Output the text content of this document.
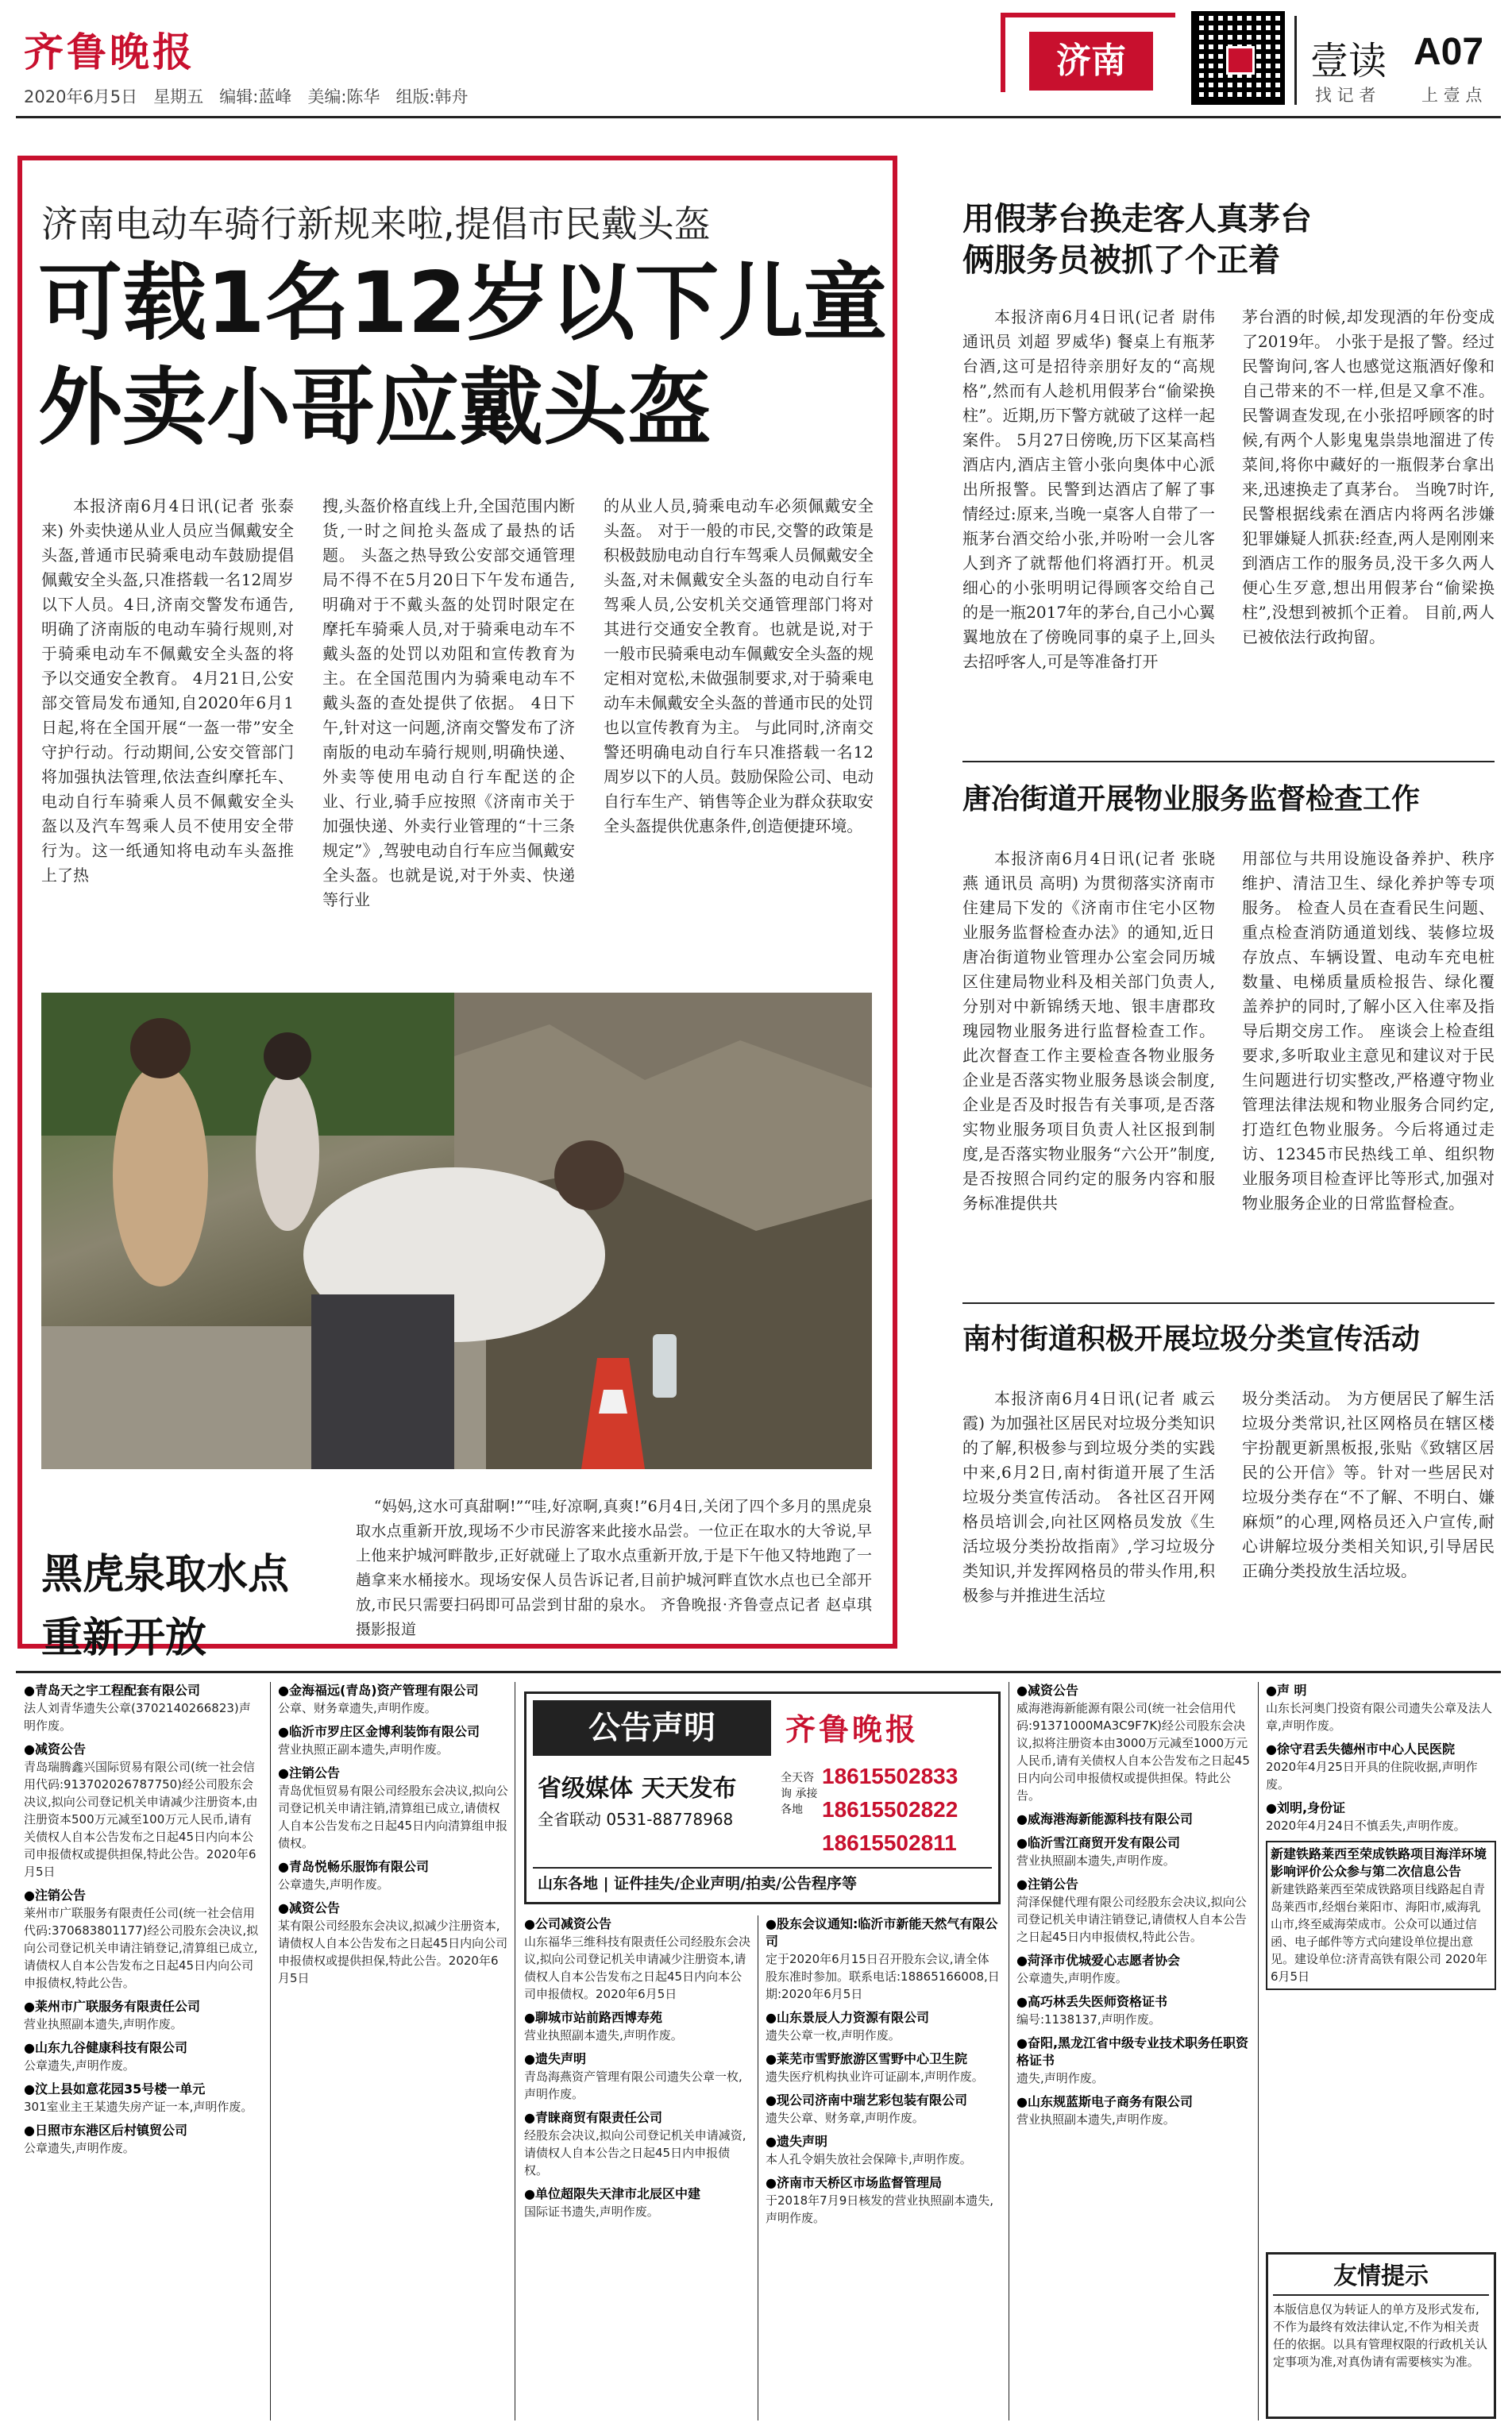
齐鲁晚报
2020年6月5日 星期五 编辑:蓝峰 美编:陈华 组版:韩舟
济南	壹读 A07
找 记 者	上 壹 点
济南电动车骑行新规来啦,提倡市民戴头盔
可载1名12岁以下儿童
外卖小哥应戴头盔

本报济南6月4日讯(记者 张泰来) 外卖快递从业人员应当佩戴安全头盔,普通市民骑乘电动车鼓励提倡佩戴安全头盔,只准搭载一名12周岁以下人员。4日,济南交警发布通告,明确了济南版的电动车骑行规则,对于骑乘电动车不佩戴安全头盔的将予以交通安全教育。 4月21日,公安部交管局发布通知,自2020年6月1日起,将在全国开展“一盔一带”安全守护行动。行动期间,公安交管部门将加强执法管理,依法查纠摩托车、电动自行车骑乘人员不佩戴安全头盔以及汽车驾乘人员不使用安全带行为。这一纸通知将电动车头盔推上了热

搜,头盔价格直线上升,全国范围内断货,一时之间抢头盔成了最热的话题。 头盔之热导致公安部交通管理局不得不在5月20日下午发布通告,明确对于不戴头盔的处罚时限定在摩托车骑乘人员,对于骑乘电动车不戴头盔的处罚以劝阻和宣传教育为主。在全国范围内为骑乘电动车不戴头盔的查处提供了依据。 4日下午,针对这一问题,济南交警发布了济南版的电动车骑行规则,明确快递、外卖等使用电动自行车配送的企业、行业,骑手应按照《济南市关于加强快递、外卖行业管理的“十三条规定”》,驾驶电动自行车应当佩戴安全头盔。也就是说,对于外卖、快递等行业

的从业人员,骑乘电动车必须佩戴安全头盔。 对于一般的市民,交警的政策是积极鼓励电动自行车驾乘人员佩戴安全头盔,对未佩戴安全头盔的电动自行车驾乘人员,公安机关交通管理部门将对其进行交通安全教育。也就是说,对于一般市民骑乘电动车佩戴安全头盔的规定相对宽松,未做强制要求,对于骑乘电动车未佩戴安全头盔的普通市民的处罚也以宣传教育为主。 与此同时,济南交警还明确电动自行车只准搭载一名12周岁以下的人员。鼓励保险公司、电动自行车生产、销售等企业为群众获取安全头盔提供优惠条件,创造便捷环境。

黑虎泉取水点
重新开放

“妈妈,这水可真甜啊!”“哇,好凉啊,真爽!”6月4日,关闭了四个多月的黑虎泉取水点重新开放,现场不少市民游客来此接水品尝。一位正在取水的大爷说,早上他来护城河畔散步,正好就碰上了取水点重新开放,于是下午他又特地跑了一趟拿来水桶接水。现场安保人员告诉记者,目前护城河畔直饮水点也已全部开放,市民只需要扫码即可品尝到甘甜的泉水。 齐鲁晚报·齐鲁壹点记者 赵卓琪 摄影报道

用假茅台换走客人真茅台
俩服务员被抓了个正着

本报济南6月4日讯(记者 尉伟 通讯员 刘超 罗威华) 餐桌上有瓶茅台酒,这可是招待亲朋好友的“高规格”,然而有人趁机用假茅台“偷梁换柱”。近期,历下警方就破了这样一起案件。 5月27日傍晚,历下区某高档酒店内,酒店主管小张向奥体中心派出所报警。民警到达酒店了解了事情经过:原来,当晚一桌客人自带了一瓶茅台酒交给小张,并吩咐一会儿客人到齐了就帮他们将酒打开。机灵细心的小张明明记得顾客交给自己的是一瓶2017年的茅台,自己小心翼翼地放在了傍晚同事的桌子上,回头去招呼客人,可是等准备打开

茅台酒的时候,却发现酒的年份变成了2019年。 小张于是报了警。经过民警询问,客人也感觉这瓶酒好像和自己带来的不一样,但是又拿不准。民警调查发现,在小张招呼顾客的时候,有两个人影鬼鬼祟祟地溜进了传菜间,将你中藏好的一瓶假茅台拿出来,迅速换走了真茅台。 当晚7时许,民警根据线索在酒店内将两名涉嫌犯罪嫌疑人抓获:经查,两人是刚刚来到酒店工作的服务员,没干多久两人便心生歹意,想出用假茅台“偷梁换柱”,没想到被抓个正着。 目前,两人已被依法行政拘留。

唐冶街道开展物业服务监督检查工作

本报济南6月4日讯(记者 张晓燕 通讯员 高明) 为贯彻落实济南市住建局下发的《济南市住宅小区物业服务监督检查办法》的通知,近日唐冶街道物业管理办公室会同历城区住建局物业科及相关部门负责人,分别对中新锦绣天地、银丰唐郡玫瑰园物业服务进行监督检查工作。 此次督查工作主要检查各物业服务企业是否落实物业服务恳谈会制度,企业是否及时报告有关事项,是否落实物业服务项目负责人社区报到制度,是否落实物业服务“六公开”制度,是否按照合同约定的服务内容和服务标准提供共

用部位与共用设施设备养护、秩序维护、清洁卫生、绿化养护等专项服务。 检查人员在查看民生问题、重点检查消防通道划线、装修垃圾存放点、车辆设置、电动车充电桩数量、电梯质量质检报告、绿化覆盖养护的同时,了解小区入住率及指导后期交房工作。 座谈会上检查组要求,多听取业主意见和建议对于民生问题进行切实整改,严格遵守物业管理法律法规和物业服务合同约定,打造红色物业服务。今后将通过走访、12345市民热线工单、组织物业服务项目检查评比等形式,加强对物业服务企业的日常监督检查。

南村街道积极开展垃圾分类宣传活动

本报济南6月4日讯(记者 戚云霞) 为加强社区居民对垃圾分类知识的了解,积极参与到垃圾分类的实践中来,6月2日,南村街道开展了生活垃圾分类宣传活动。 各社区召开网格员培训会,向社区网格员发放《生活垃圾分类扮故指南》,学习垃圾分类知识,并发挥网格员的带头作用,积极参与并推进生活垃

圾分类活动。 为方便居民了解生活垃圾分类常识,社区网格员在辖区楼宇扮靓更新黑板报,张贴《致辖区居民的公开信》等。针对一些居民对垃圾分类存在“不了解、不明白、嫌麻烦”的心理,网格员还入户宣传,耐心讲解垃圾分类相关知识,引导居民正确分类投放生活垃圾。

●青岛天之宇工程配套有限公司
法人刘青华遗失公章(3702140266823)声明作废。
●减资公告
青岛瑞腾鑫兴国际贸易有限公司(统一社会信用代码:913702026787750)经公司股东会决议,拟向公司登记机关申请减少注册资本,由注册资本500万元减至100万元人民币,请有关债权人自本公告发布之日起45日内向本公司申报债权或提供担保,特此公告。2020年6月5日
●注销公告
莱州市广联服务有限责任公司(统一社会信用代码:370683801177)经公司股东会决议,拟向公司登记机关申请注销登记,清算组已成立,请债权人自本公告发布之日起45日内向公司申报债权,特此公告。
●莱州市广联服务有限责任公司
营业执照副本遗失,声明作废。
●山东九谷健康科技有限公司
公章遗失,声明作废。
●汶上县如意花园35号楼一单元
301室业主王某遗失房产证一本,声明作废。
●日照市东港区后村镇贸公司
公章遗失,声明作废。
●金海福远(青岛)资产管理有限公司
公章、财务章遗失,声明作废。
●临沂市罗庄区金博利装饰有限公司
营业执照正副本遗失,声明作废。
●注销公告
青岛优恒贸易有限公司经股东会决议,拟向公司登记机关申请注销,清算组已成立,请债权人自本公告发布之日起45日内向清算组申报债权。
●青岛悦畅乐服饰有限公司
公章遗失,声明作废。
●减资公告
某有限公司经股东会决议,拟减少注册资本,请债权人自本公告发布之日起45日内向公司申报债权或提供担保,特此公告。2020年6月5日
公告声明	齐鲁晚报
省级媒体 天天发布
全省联动 0531-88778968
全天咨询 承接各地
18615502833
18615502822
18615502811
山东各地 | 证件挂失/企业声明/拍卖/公告程序等
●公司减资公告
山东福华三维科技有限责任公司经股东会决议,拟向公司登记机关申请减少注册资本,请债权人自本公告发布之日起45日内向本公司申报债权。2020年6月5日
●聊城市站前路西博寿苑
营业执照副本遗失,声明作废。
●遗失声明
青岛海燕资产管理有限公司遗失公章一枚,声明作废。
●青睐商贸有限责任公司
经股东会决议,拟向公司登记机关申请减资,请债权人自本公告之日起45日内申报债权。
●单位超限失天津市北辰区中建
国际证书遗失,声明作废。
●股东会议通知:临沂市新能天然气有限公司
定于2020年6月15日召开股东会议,请全体股东准时参加。联系电话:18865166008,日期:2020年6月5日
●山东景辰人力资源有限公司
遗失公章一枚,声明作废。
●莱芜市雪野旅游区雪野中心卫生院
遗失医疗机构执业许可证副本,声明作废。
●现公司济南中瑞艺彩包装有限公司
遗失公章、财务章,声明作废。
●遗失声明
本人孔令娟失放社会保障卡,声明作废。
●济南市天桥区市场监督管理局
于2018年7月9日核发的营业执照副本遗失,声明作废。
●减资公告
威海港海新能源有限公司(统一社会信用代码:91371000MA3C9F7K)经公司股东会决议,拟将注册资本由3000万元减至1000万元人民币,请有关债权人自本公告发布之日起45日内向公司申报债权或提供担保。特此公告。
●威海港海新能源科技有限公司
●临沂雪江商贸开发有限公司
营业执照副本遗失,声明作废。
●注销公告
菏泽保健代理有限公司经股东会决议,拟向公司登记机关申请注销登记,请债权人自本公告之日起45日内申报债权,特此公告。
●菏泽市优城爱心志愿者协会
公章遗失,声明作废。
●高巧林丢失医师资格证书
编号:1138137,声明作废。
●奋阳,黑龙江省中级专业技术职务任职资格证书
遗失,声明作废。
●山东规蓝斯电子商务有限公司
营业执照副本遗失,声明作废。
●声 明
山东长河奥门投资有限公司遗失公章及法人章,声明作废。
●徐守君丢失德州市中心人民医院
2020年4月25日开具的住院收据,声明作废。
●刘明,身份证
2020年4月24日不慎丢失,声明作废。
新建铁路莱西至荣成铁路项目海洋环境影响评价公众参与第二次信息公告
新建铁路莱西至荣成铁路项目线路起自青岛莱西市,经烟台莱阳市、海阳市,威海乳山市,终至威海荣成市。公众可以通过信函、电子邮件等方式向建设单位提出意见。建设单位:济青高铁有限公司 2020年6月5日
友情提示
本版信息仅为转证人的单方及形式发布,不作为最终有效法律认定,不作为相关责任的依据。以具有管理权限的行政机关认定事项为准,对真伪请有需要核实为准。
